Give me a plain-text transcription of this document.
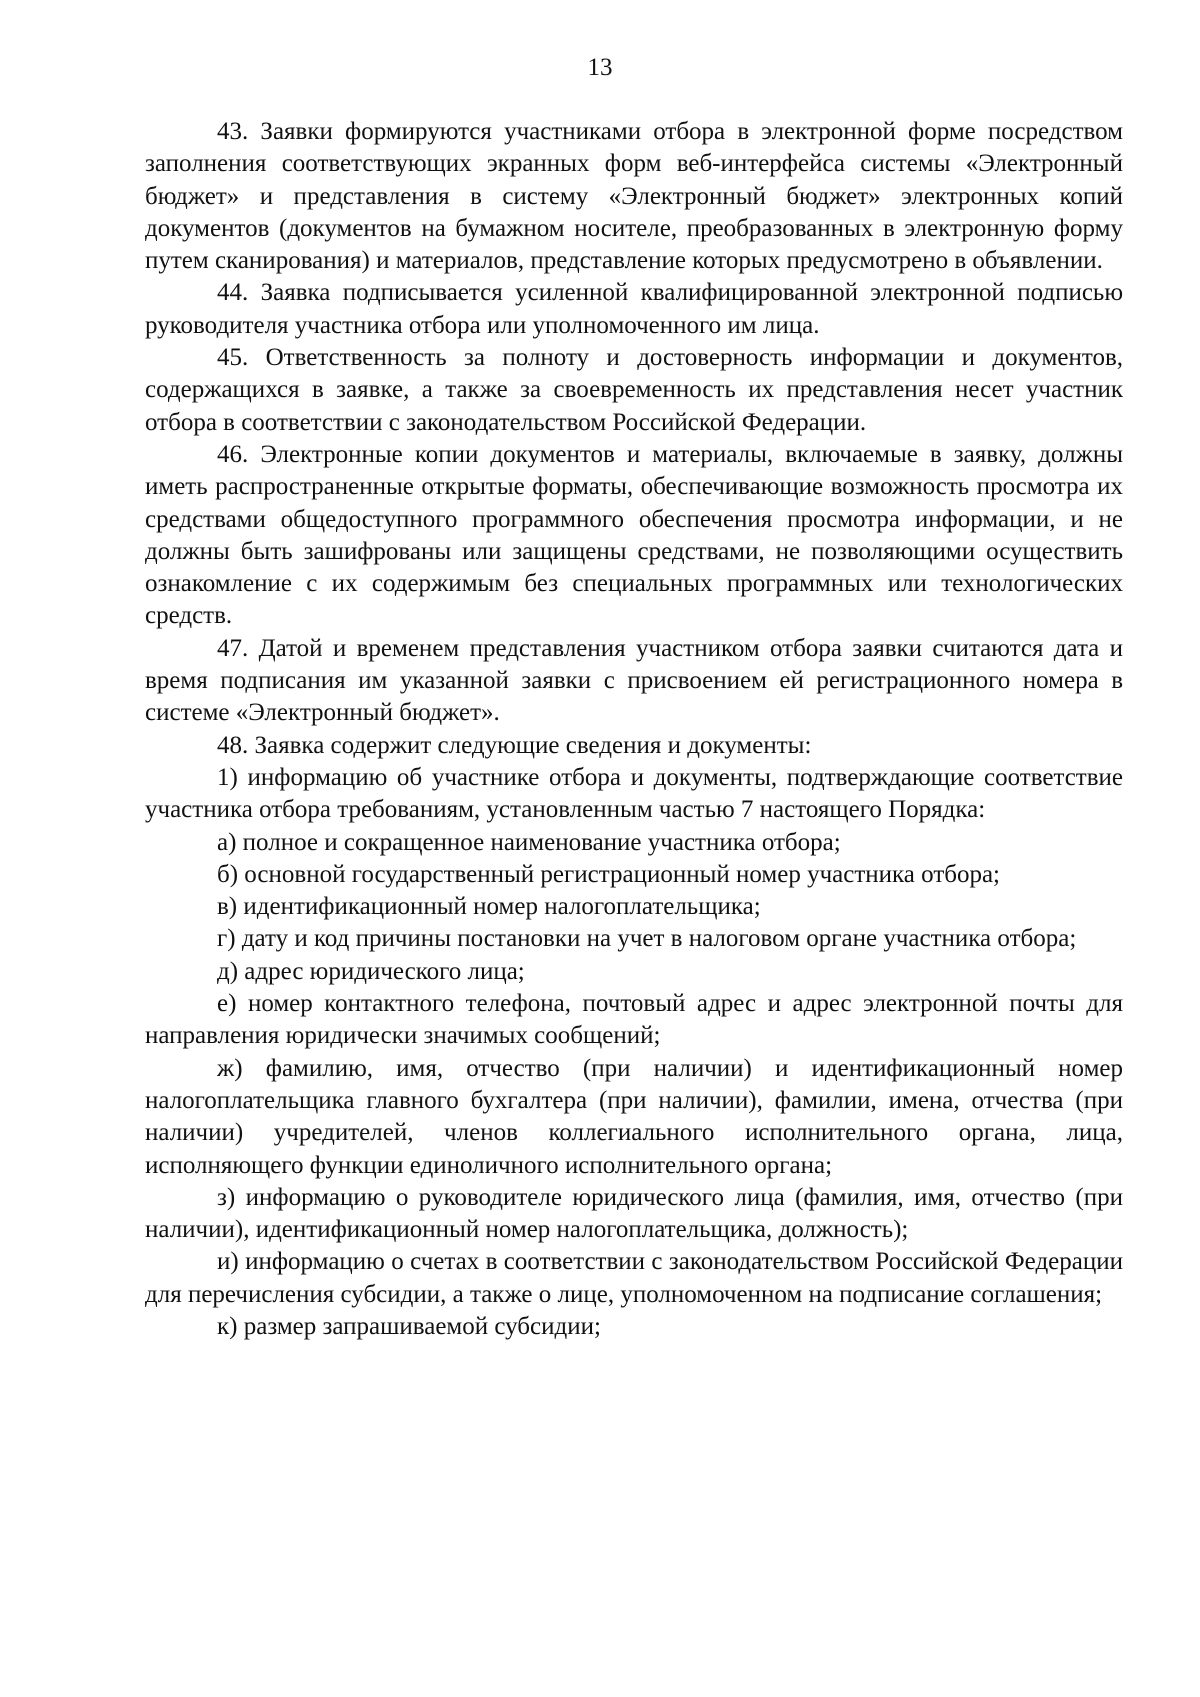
13

43. Заявки формируются участниками отбора в электронной форме посредством заполнения соответствующих экранных форм веб-интерфейса системы «Электронный бюджет» и представления в систему «Электронный бюджет» электронных копий документов (документов на бумажном носителе, преобразованных в электронную форму путем сканирования) и материалов, представление которых предусмотрено в объявлении.

44. Заявка подписывается усиленной квалифицированной электронной подписью руководителя участника отбора или уполномоченного им лица.

45. Ответственность за полноту и достоверность информации и документов, содержащихся в заявке, а также за своевременность их представления несет участник отбора в соответствии с законодательством Российской Федерации.

46. Электронные копии документов и материалы, включаемые в заявку, должны иметь распространенные открытые форматы, обеспечивающие возможность просмотра их средствами общедоступного программного обеспечения просмотра информации, и не должны быть зашифрованы или защищены средствами, не позволяющими осуществить ознакомление с их содержимым без специальных программных или технологических средств.

47. Датой и временем представления участником отбора заявки считаются дата и время подписания им указанной заявки с присвоением ей регистрационного номера в системе «Электронный бюджет».

48. Заявка содержит следующие сведения и документы:

1) информацию об участнике отбора и документы, подтверждающие соответствие участника отбора требованиям, установленным частью 7 настоящего Порядка:

а) полное и сокращенное наименование участника отбора;

б) основной государственный регистрационный номер участника отбора;

в) идентификационный номер налогоплательщика;

г) дату и код причины постановки на учет в налоговом органе участника отбора;

д) адрес юридического лица;

е) номер контактного телефона, почтовый адрес и адрес электронной почты для направления юридически значимых сообщений;

ж) фамилию, имя, отчество (при наличии) и идентификационный номер налогоплательщика главного бухгалтера (при наличии), фамилии, имена, отчества (при наличии) учредителей, членов коллегиального исполнительного органа, лица, исполняющего функции единоличного исполнительного органа;

з) информацию о руководителе юридического лица (фамилия, имя, отчество (при наличии), идентификационный номер налогоплательщика, должность);

и) информацию о счетах в соответствии с законодательством Российской Федерации для перечисления субсидии, а также о лице, уполномоченном на подписание соглашения;

к) размер запрашиваемой субсидии;
